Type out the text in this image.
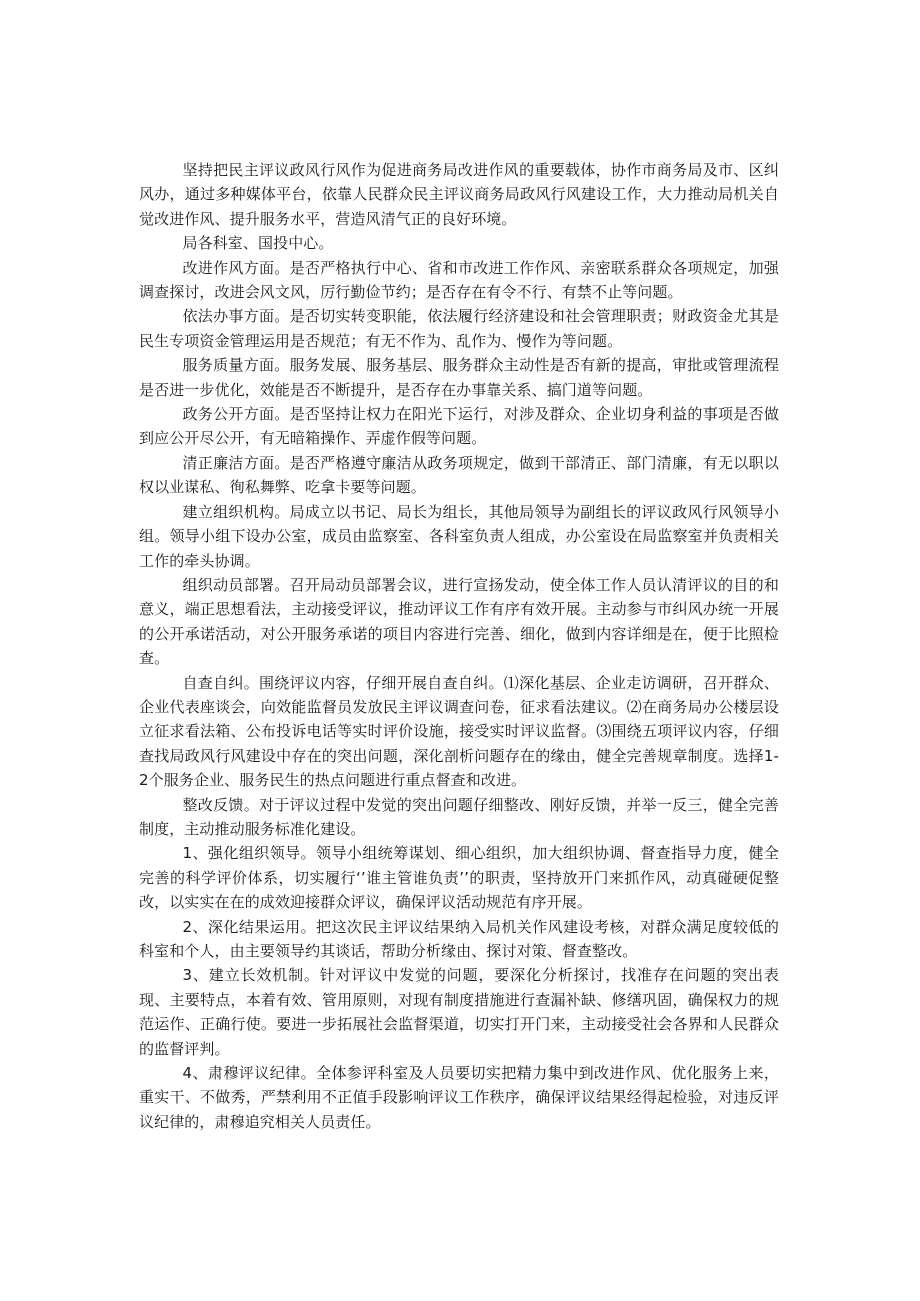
坚持把民主评议政风行风作为促进商务局改进作风的重要载体，协作市商务局及市、区纠风办，通过多种媒体平台，依靠人民群众民主评议商务局政风行风建设工作，大力推动局机关自觉改进作风、提升服务水平，营造风清气正的良好环境。

局各科室、国投中心。

改进作风方面。是否严格执行中心、省和市改进工作作风、亲密联系群众各项规定，加强调查探讨，改进会风文风，厉行勤俭节约；是否存在有令不行、有禁不止等问题。

依法办事方面。是否切实转变职能，依法履行经济建设和社会管理职责；财政资金尤其是民生专项资金管理运用是否规范；有无不作为、乱作为、慢作为等问题。

服务质量方面。服务发展、服务基层、服务群众主动性是否有新的提高，审批或管理流程是否进一步优化，效能是否不断提升，是否存在办事靠关系、搞门道等问题。

政务公开方面。是否坚持让权力在阳光下运行，对涉及群众、企业切身利益的事项是否做到应公开尽公开，有无暗箱操作、弄虚作假等问题。

清正廉洁方面。是否严格遵守廉洁从政务项规定，做到干部清正、部门清廉，有无以职以权以业谋私、徇私舞弊、吃拿卡要等问题。

建立组织机构。局成立以书记、局长为组长，其他局领导为副组长的评议政风行风领导小组。领导小组下设办公室，成员由监察室、各科室负责人组成，办公室设在局监察室并负责相关工作的牵头协调。

组织动员部署。召开局动员部署会议，进行宣扬发动，使全体工作人员认清评议的目的和意义，端正思想看法，主动接受评议，推动评议工作有序有效开展。主动参与市纠风办统一开展的公开承诺活动，对公开服务承诺的项目内容进行完善、细化，做到内容详细是在，便于比照检查。

自查自纠。围绕评议内容，仔细开展自查自纠。⑴深化基层、企业走访调研，召开群众、企业代表座谈会，向效能监督员发放民主评议调查问卷，征求看法建议。⑵在商务局办公楼层设立征求看法箱、公布投诉电话等实时评价设施，接受实时评议监督。⑶围绕五项评议内容，仔细查找局政风行风建设中存在的突出问题，深化剖析问题存在的缘由，健全完善规章制度。选择1-2个服务企业、服务民生的热点问题进行重点督查和改进。

整改反馈。对于评议过程中发觉的突出问题仔细整改、刚好反馈，并举一反三，健全完善制度，主动推动服务标准化建设。

1、强化组织领导。领导小组统筹谋划、细心组织，加大组织协调、督查指导力度，健全完善的科学评价体系，切实履行‘’谁主管谁负责’’的职责，坚持放开门来抓作风，动真碰硬促整改，以实实在在的成效迎接群众评议，确保评议活动规范有序开展。

2、深化结果运用。把这次民主评议结果纳入局机关作风建设考核，对群众满足度较低的科室和个人，由主要领导约其谈话，帮助分析缘由、探讨对策、督查整改。

3、建立长效机制。针对评议中发觉的问题，要深化分析探讨，找准存在问题的突出表现、主要特点，本着有效、管用原则，对现有制度措施进行查漏补缺、修缮巩固，确保权力的规范运作、正确行使。要进一步拓展社会监督渠道，切实打开门来，主动接受社会各界和人民群众的监督评判。

4、肃穆评议纪律。全体参评科室及人员要切实把精力集中到改进作风、优化服务上来，重实干、不做秀，严禁利用不正值手段影响评议工作秩序，确保评议结果经得起检验，对违反评议纪律的，肃穆追究相关人员责任。
